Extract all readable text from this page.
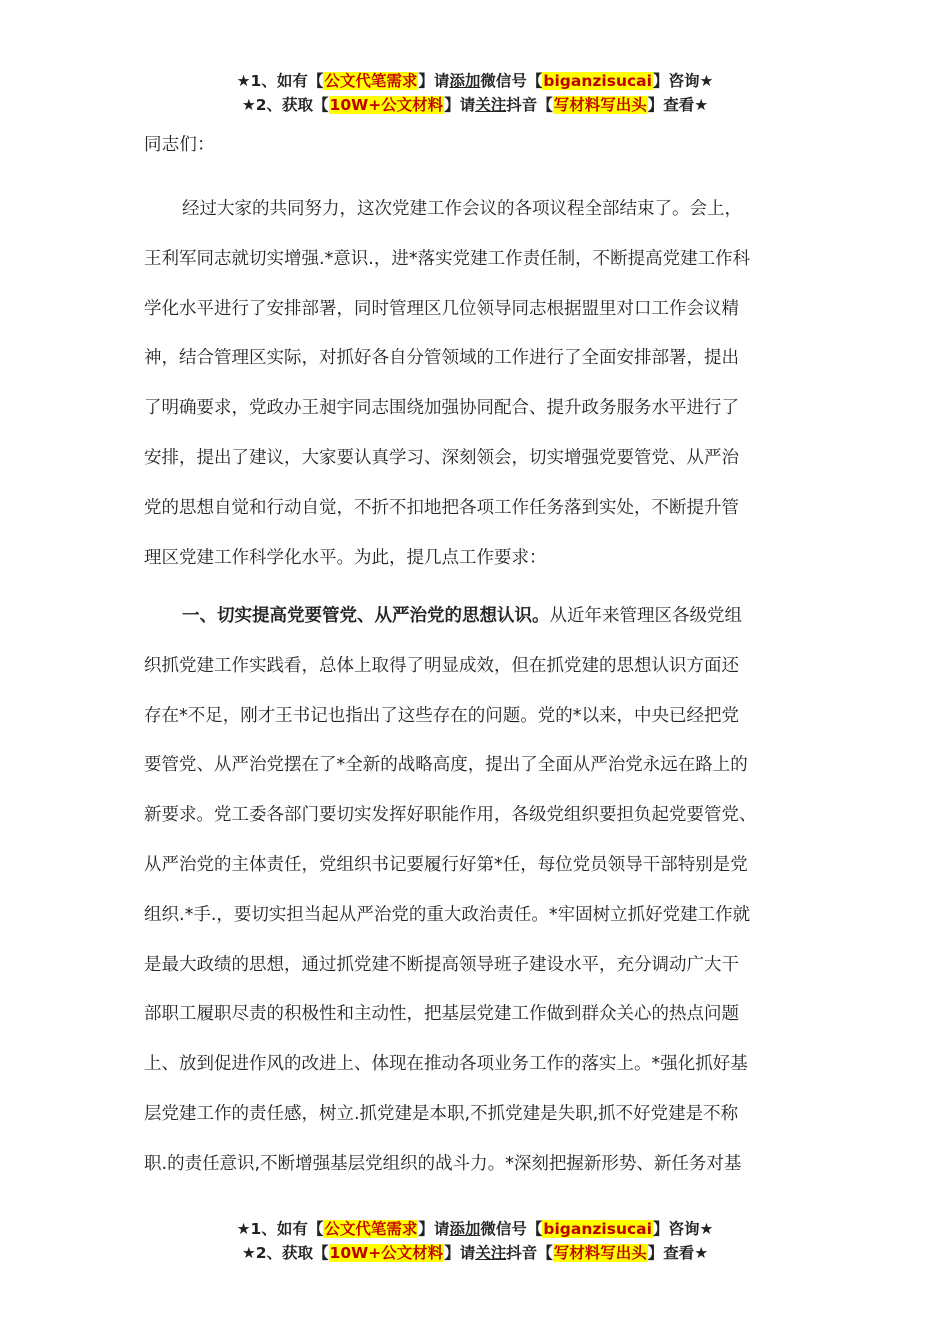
★1、如有【公文代笔需求】请添加微信号【biganzisucai】咨询★
★2、获取【10W+公文材料】请关注抖音【写材料写出头】查看★
同志们：
经过大家的共同努力，这次党建工作会议的各项议程全部结束了。会上，
王利军同志就切实增强.*意识.，进*落实党建工作责任制，不断提高党建工作科
学化水平进行了安排部署，同时管理区几位领导同志根据盟里对口工作会议精
神，结合管理区实际，对抓好各自分管领域的工作进行了全面安排部署，提出
了明确要求，党政办王昶宇同志围绕加强协同配合、提升政务服务水平进行了
安排，提出了建议，大家要认真学习、深刻领会，切实增强党要管党、从严治
党的思想自觉和行动自觉，不折不扣地把各项工作任务落到实处，不断提升管
理区党建工作科学化水平。为此，提几点工作要求：
一、切实提高党要管党、从严治党的思想认识。从近年来管理区各级党组
织抓党建工作实践看，总体上取得了明显成效，但在抓党建的思想认识方面还
存在*不足，刚才王书记也指出了这些存在的问题。党的*以来，中央已经把党
要管党、从严治党摆在了*全新的战略高度，提出了全面从严治党永远在路上的
新要求。党工委各部门要切实发挥好职能作用，各级党组织要担负起党要管党、
从严治党的主体责任，党组织书记要履行好第*任，每位党员领导干部特别是党
组织.*手.，要切实担当起从严治党的重大政治责任。*牢固树立抓好党建工作就
是最大政绩的思想，通过抓党建不断提高领导班子建设水平，充分调动广大干
部职工履职尽责的积极性和主动性，把基层党建工作做到群众关心的热点问题
上、放到促进作风的改进上、体现在推动各项业务工作的落实上。*强化抓好基
层党建工作的责任感，树立.抓党建是本职,不抓党建是失职,抓不好党建是不称
职.的责任意识,不断增强基层党组织的战斗力。*深刻把握新形势、新任务对基
★1、如有【公文代笔需求】请添加微信号【biganzisucai】咨询★
★2、获取【10W+公文材料】请关注抖音【写材料写出头】查看★
